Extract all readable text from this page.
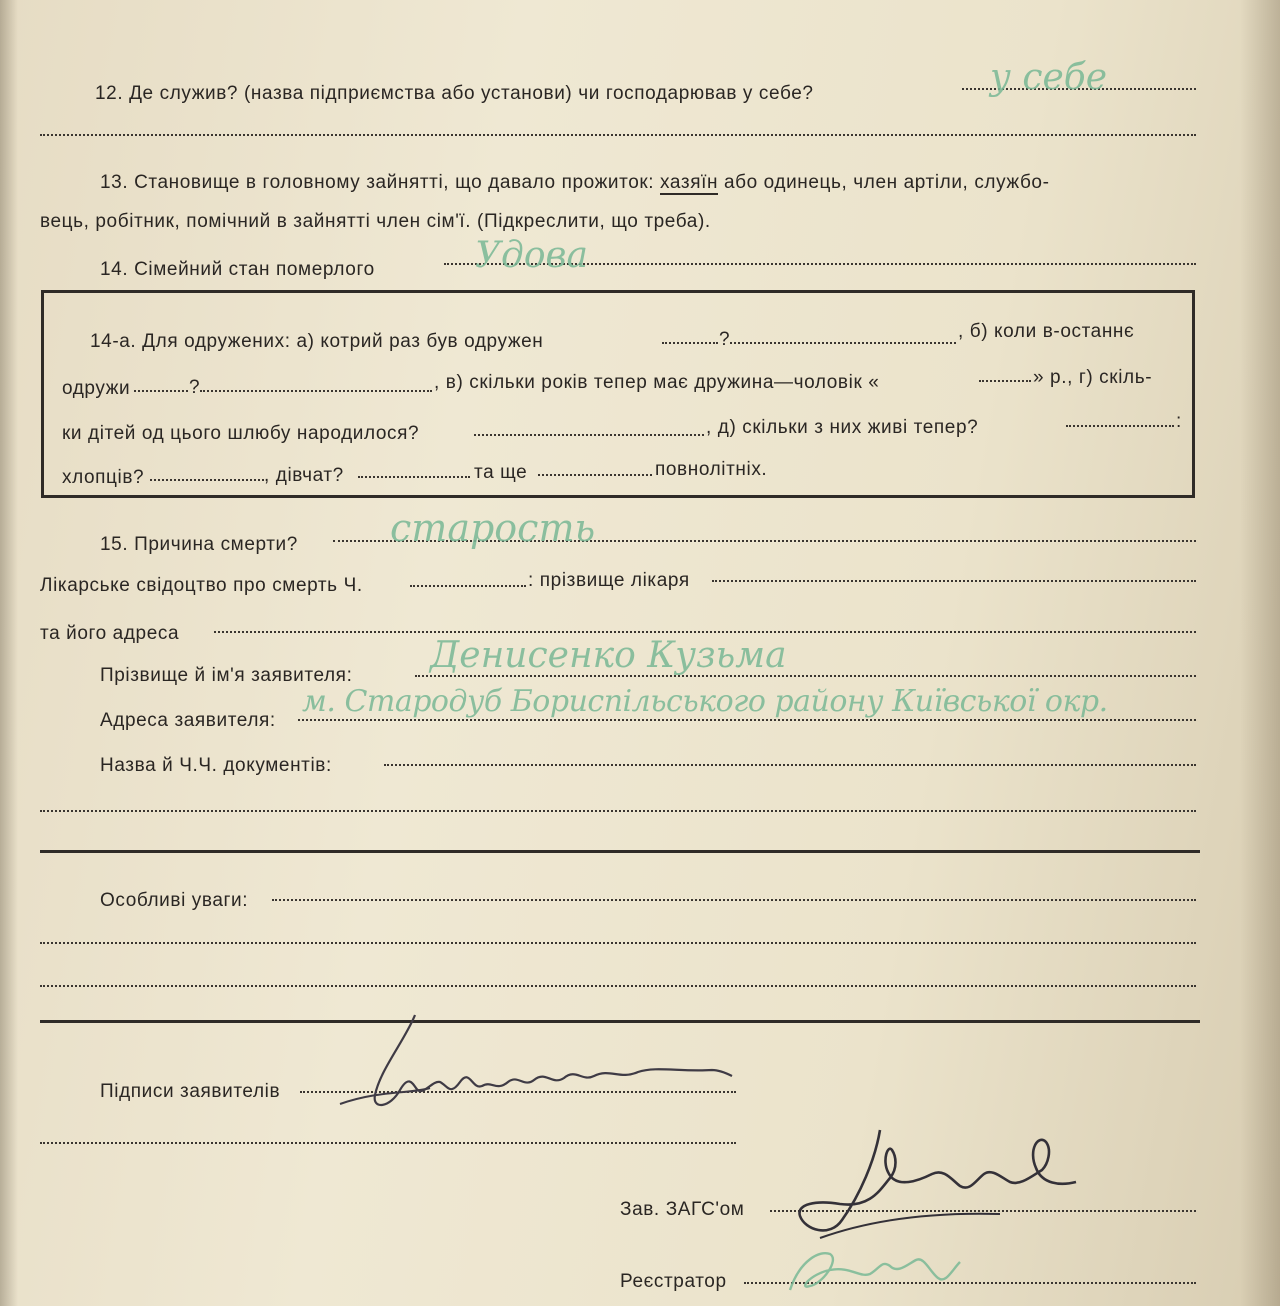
12. Де служив? (назва підприємства або установи) чи господарював у себе?	у себе
13. Становище в головному зайнятті, що давало прожиток: хазяїн або одинець, член артіли, службо-
вець, робітник, помічний в зайнятті член сім'ї. (Підкреслити, що треба).
14. Сімейний стан померлого	Удова
14-а. Для одружених: а) котрий раз був одружен	?	, б) коли в-останнє
одружи	?	, в) скільки років тепер має дружина—чоловік «	» р., г) скіль-
ки дітей од цього шлюбу народилося?	, д) скільки з них живі тепер?	:
хлопців?	, дівчат?	та ще	повнолітніх.
15. Причина смерти? старость
Лікарське свідоцтво про смерть Ч.	: прізвище лікаря
та його адреса
Прізвище й ім'я заявителя: Денисенко Кузьма
Адреса заявителя:
м. Стародуб Бориспільського району Київської окр.
Назва й Ч.Ч. документів:
Особливі уваги:
Підписи заявителів
Зав. ЗАГС'ом
Реєстратор
